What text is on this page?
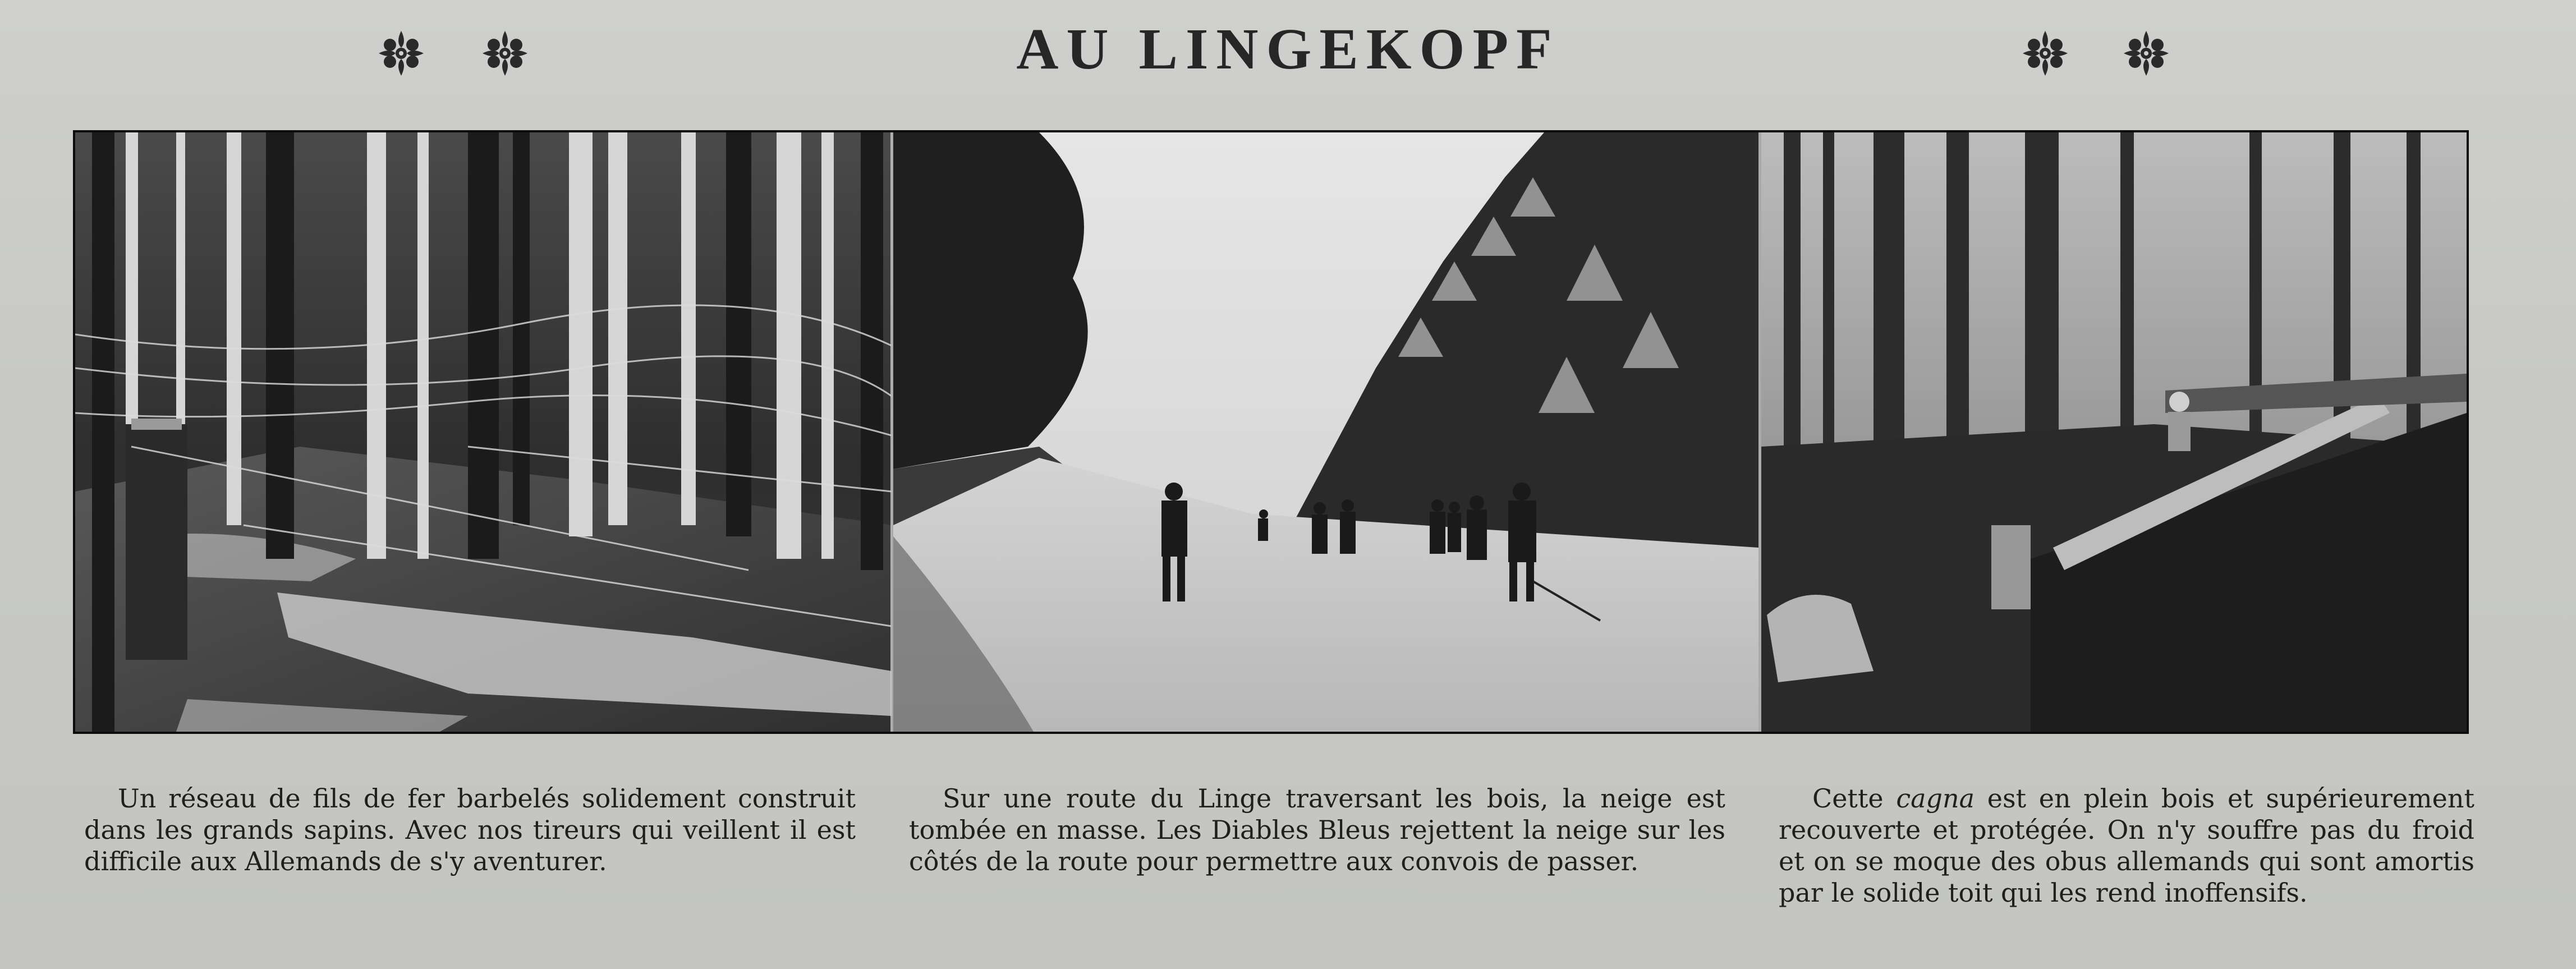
AU LINGEKOPF
Un réseau de fils de fer barbelés solidement construit dans les grands sapins. Avec nos tireurs qui veillent il est difficile aux Allemands de s'y aventurer.
Sur une route du Linge traversant les bois, la neige est tombée en masse. Les Diables Bleus rejettent la neige sur les côtés de la route pour permettre aux convois de passer.
Cette cagna est en plein bois et supérieurement recouverte et protégée. On n'y souffre pas du froid et on se moque des obus allemands qui sont amortis par le solide toit qui les rend inoffensifs.
